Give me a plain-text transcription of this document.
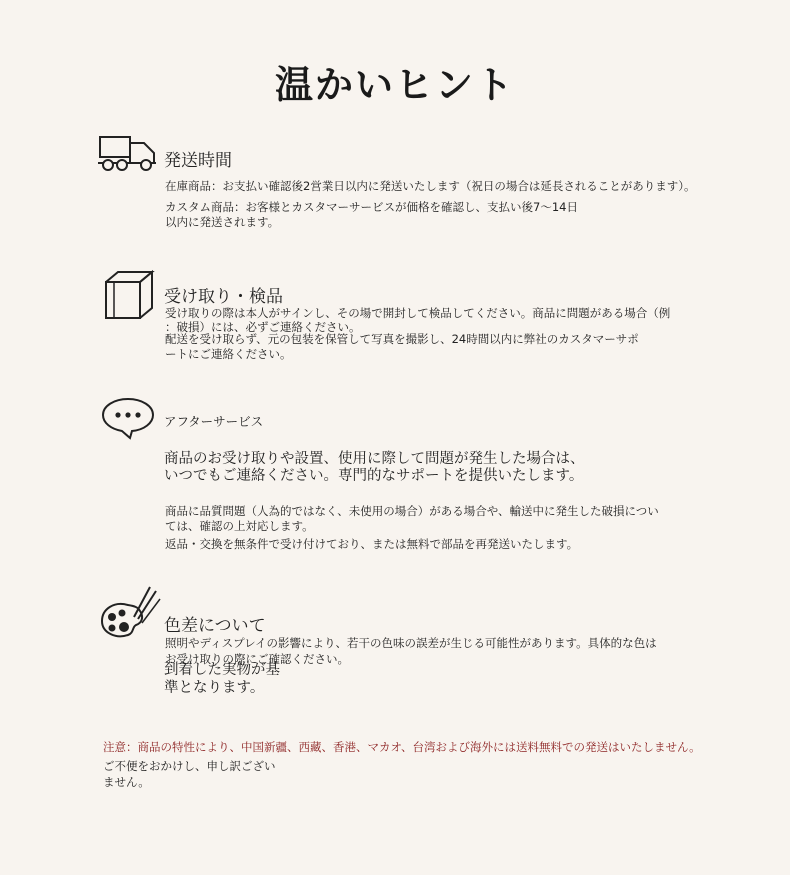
温かいヒント
発送時間
在庫商品：お支払い確認後2営業日以内に発送いたします（祝日の場合は延長されることがあります）。
カスタム商品：お客様とカスタマーサービスが価格を確認し、支払い後7〜14日
以内に発送されます。
受け取り・検品
受け取りの際は本人がサインし、その場で開封して検品してください。商品に問題がある場合（例
：破損）には、必ずご連絡ください。
配送を受け取らず、元の包装を保管して写真を撮影し、24時間以内に弊社のカスタマーサポ
ートにご連絡ください。
アフターサービス
商品のお受け取りや設置、使用に際して問題が発生した場合は、
いつでもご連絡ください。専門的なサポートを提供いたします。
商品に品質問題（人為的ではなく、未使用の場合）がある場合や、輸送中に発生した破損につい
ては、確認の上対応します。
返品・交換を無条件で受け付けており、または無料で部品を再発送いたします。
色差について
照明やディスプレイの影響により、若干の色味の誤差が生じる可能性があります。具体的な色は
お受け取りの際にご確認ください。
到着した実物が基
準となります。
注意：商品の特性により、中国新疆、西藏、香港、マカオ、台湾および海外には送料無料での発送はいたしません。
ご不便をおかけし、申し訳ござい
ません。
